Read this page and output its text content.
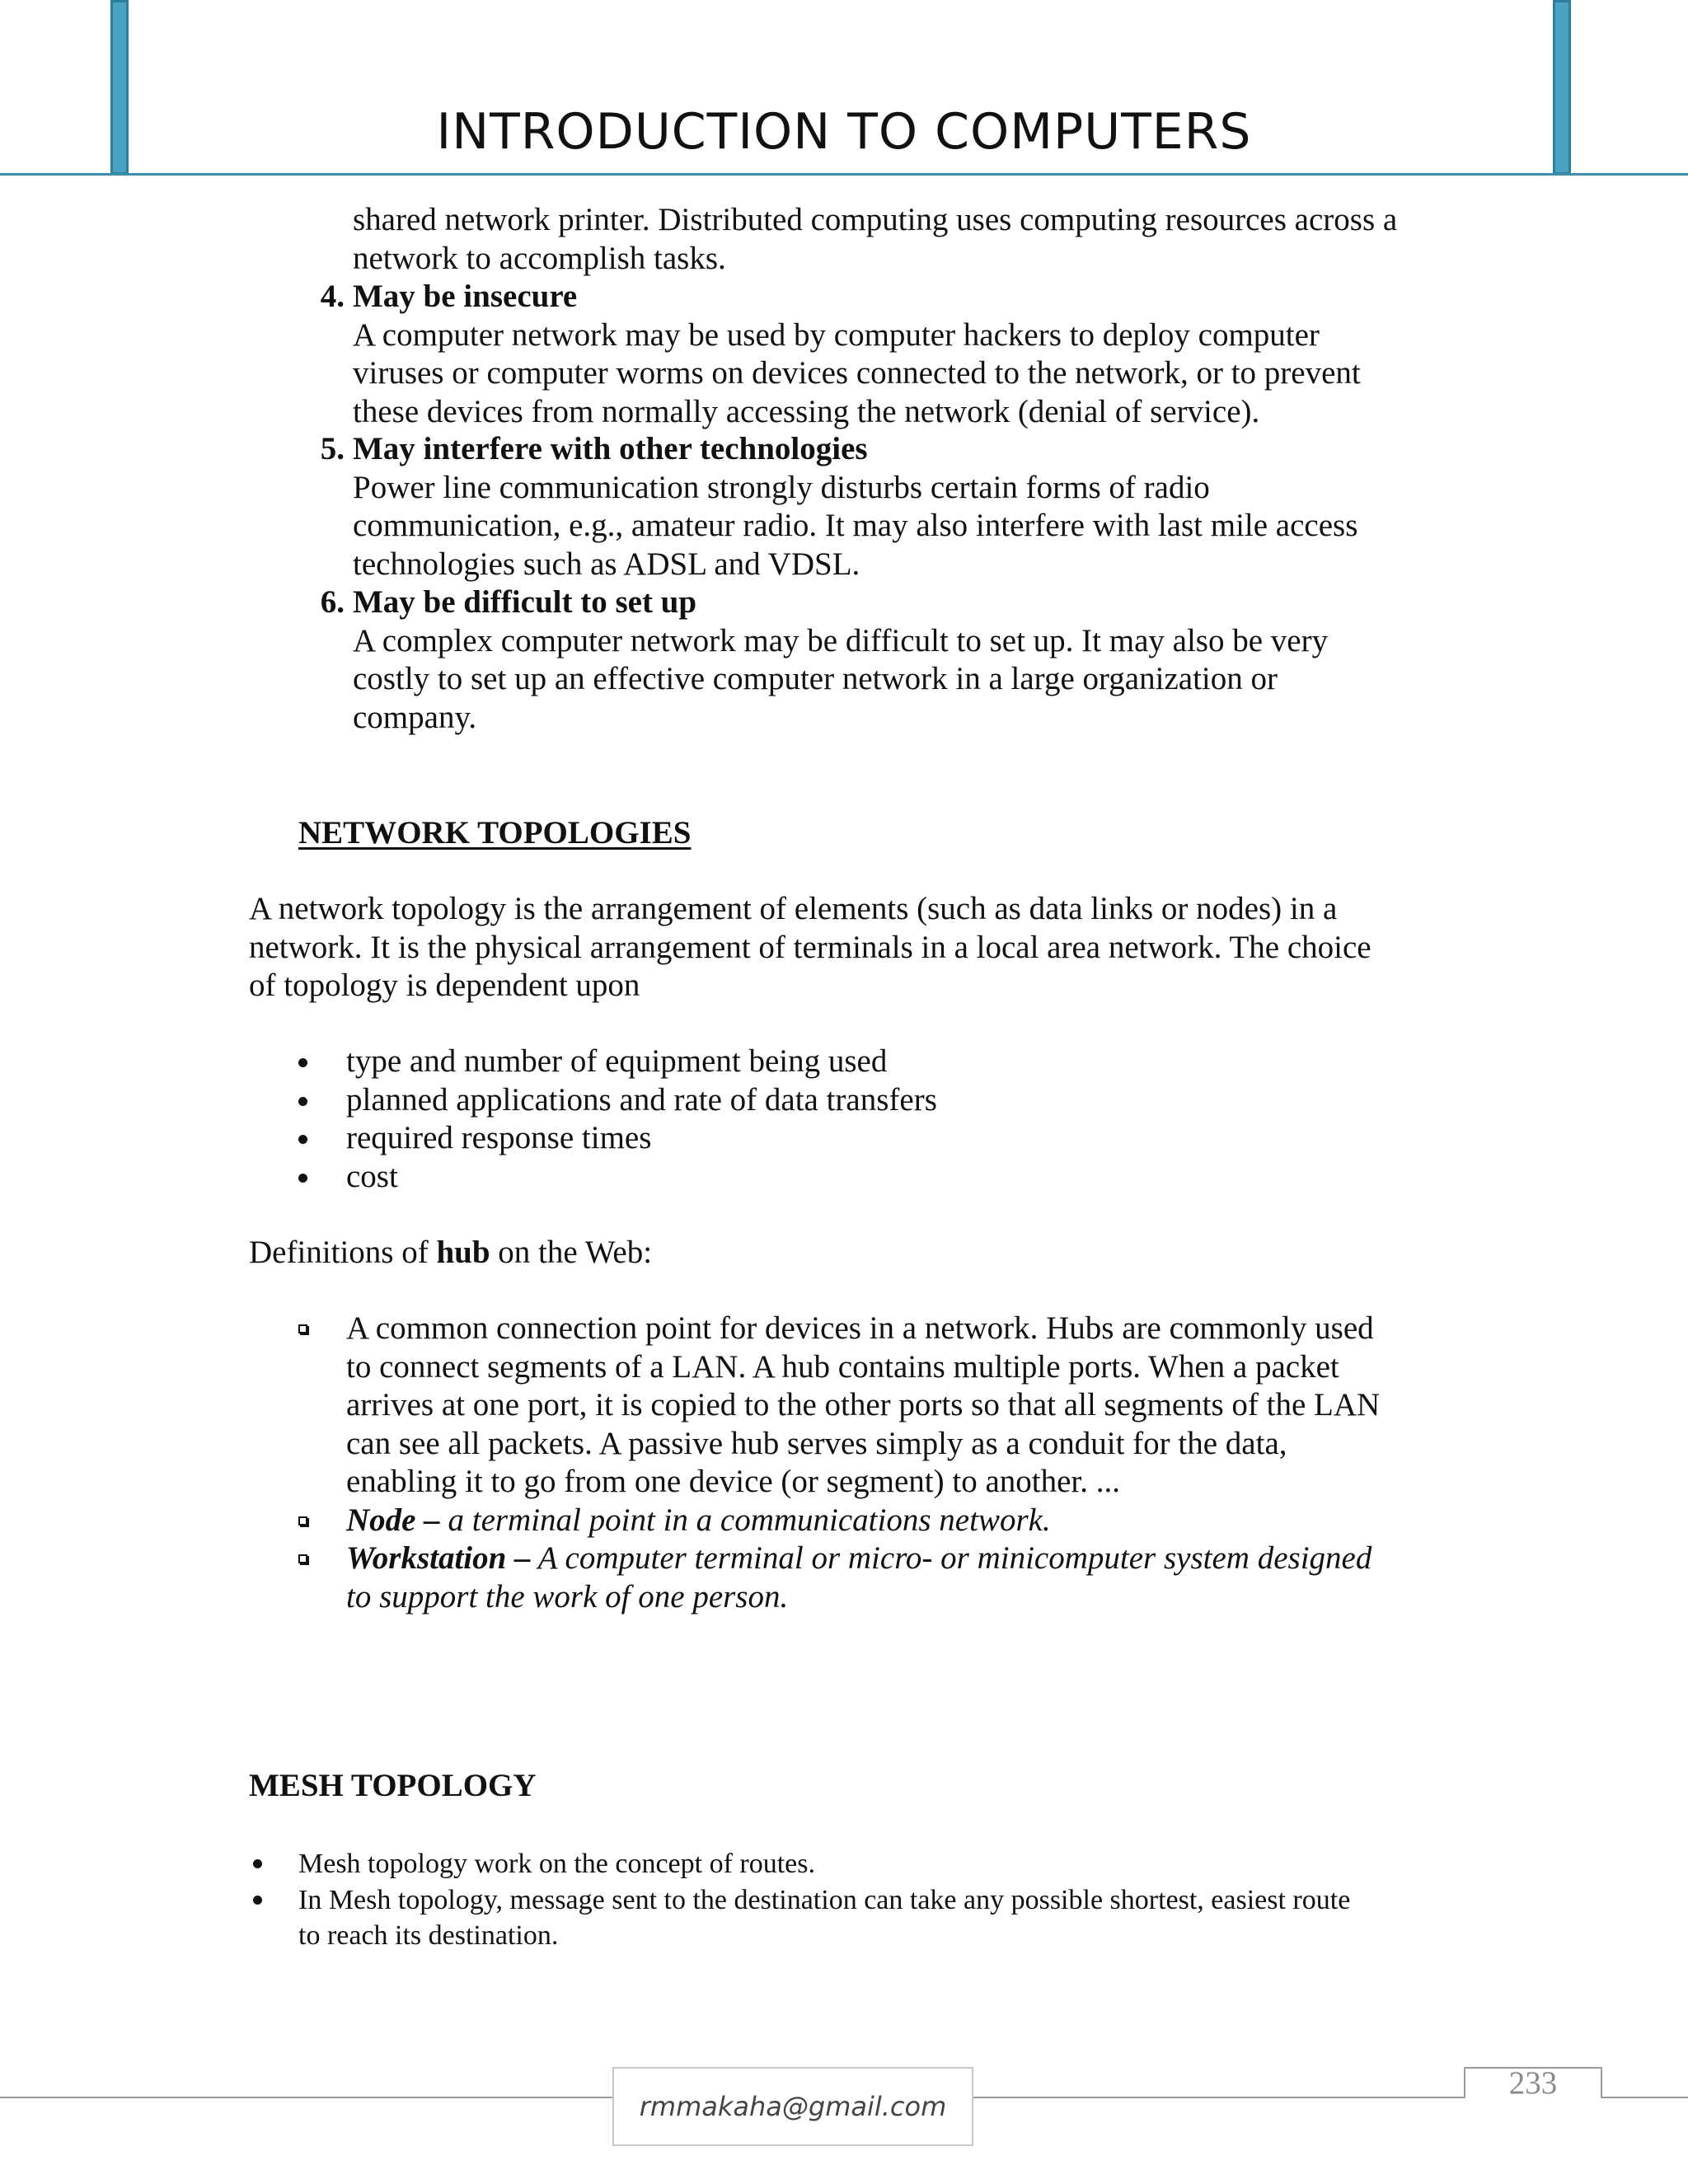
INTRODUCTION TO COMPUTERS
shared network printer. Distributed computing uses computing resources across a
network to accomplish tasks.
4. May be insecure
A computer network may be used by computer hackers to deploy computer
viruses or computer worms on devices connected to the network, or to prevent
these devices from normally accessing the network (denial of service).
5. May interfere with other technologies
Power line communication strongly disturbs certain forms of radio
communication, e.g., amateur radio. It may also interfere with last mile access
technologies such as ADSL and VDSL.
6. May be difficult to set up
A complex computer network may be difficult to set up. It may also be very
costly to set up an effective computer network in a large organization or
company.
NETWORK TOPOLOGIES
A network topology is the arrangement of elements (such as data links or nodes) in a
network. It is the physical arrangement of terminals in a local area network. The choice
of topology is dependent upon
type and number of equipment being used
planned applications and rate of data transfers
required response times
cost
Definitions of hub on the Web:
A common connection point for devices in a network. Hubs are commonly used
to connect segments of a LAN. A hub contains multiple ports. When a packet
arrives at one port, it is copied to the other ports so that all segments of the LAN
can see all packets. A passive hub serves simply as a conduit for the data,
enabling it to go from one device (or segment) to another. ...
Node – a terminal point in a communications network.
Workstation – A computer terminal or micro- or minicomputer system designed
to support the work of one person.
MESH TOPOLOGY
Mesh topology work on the concept of routes.
In Mesh topology, message sent to the destination can take any possible shortest, easiest route
to reach its destination.
rmmakaha@gmail.com
233
